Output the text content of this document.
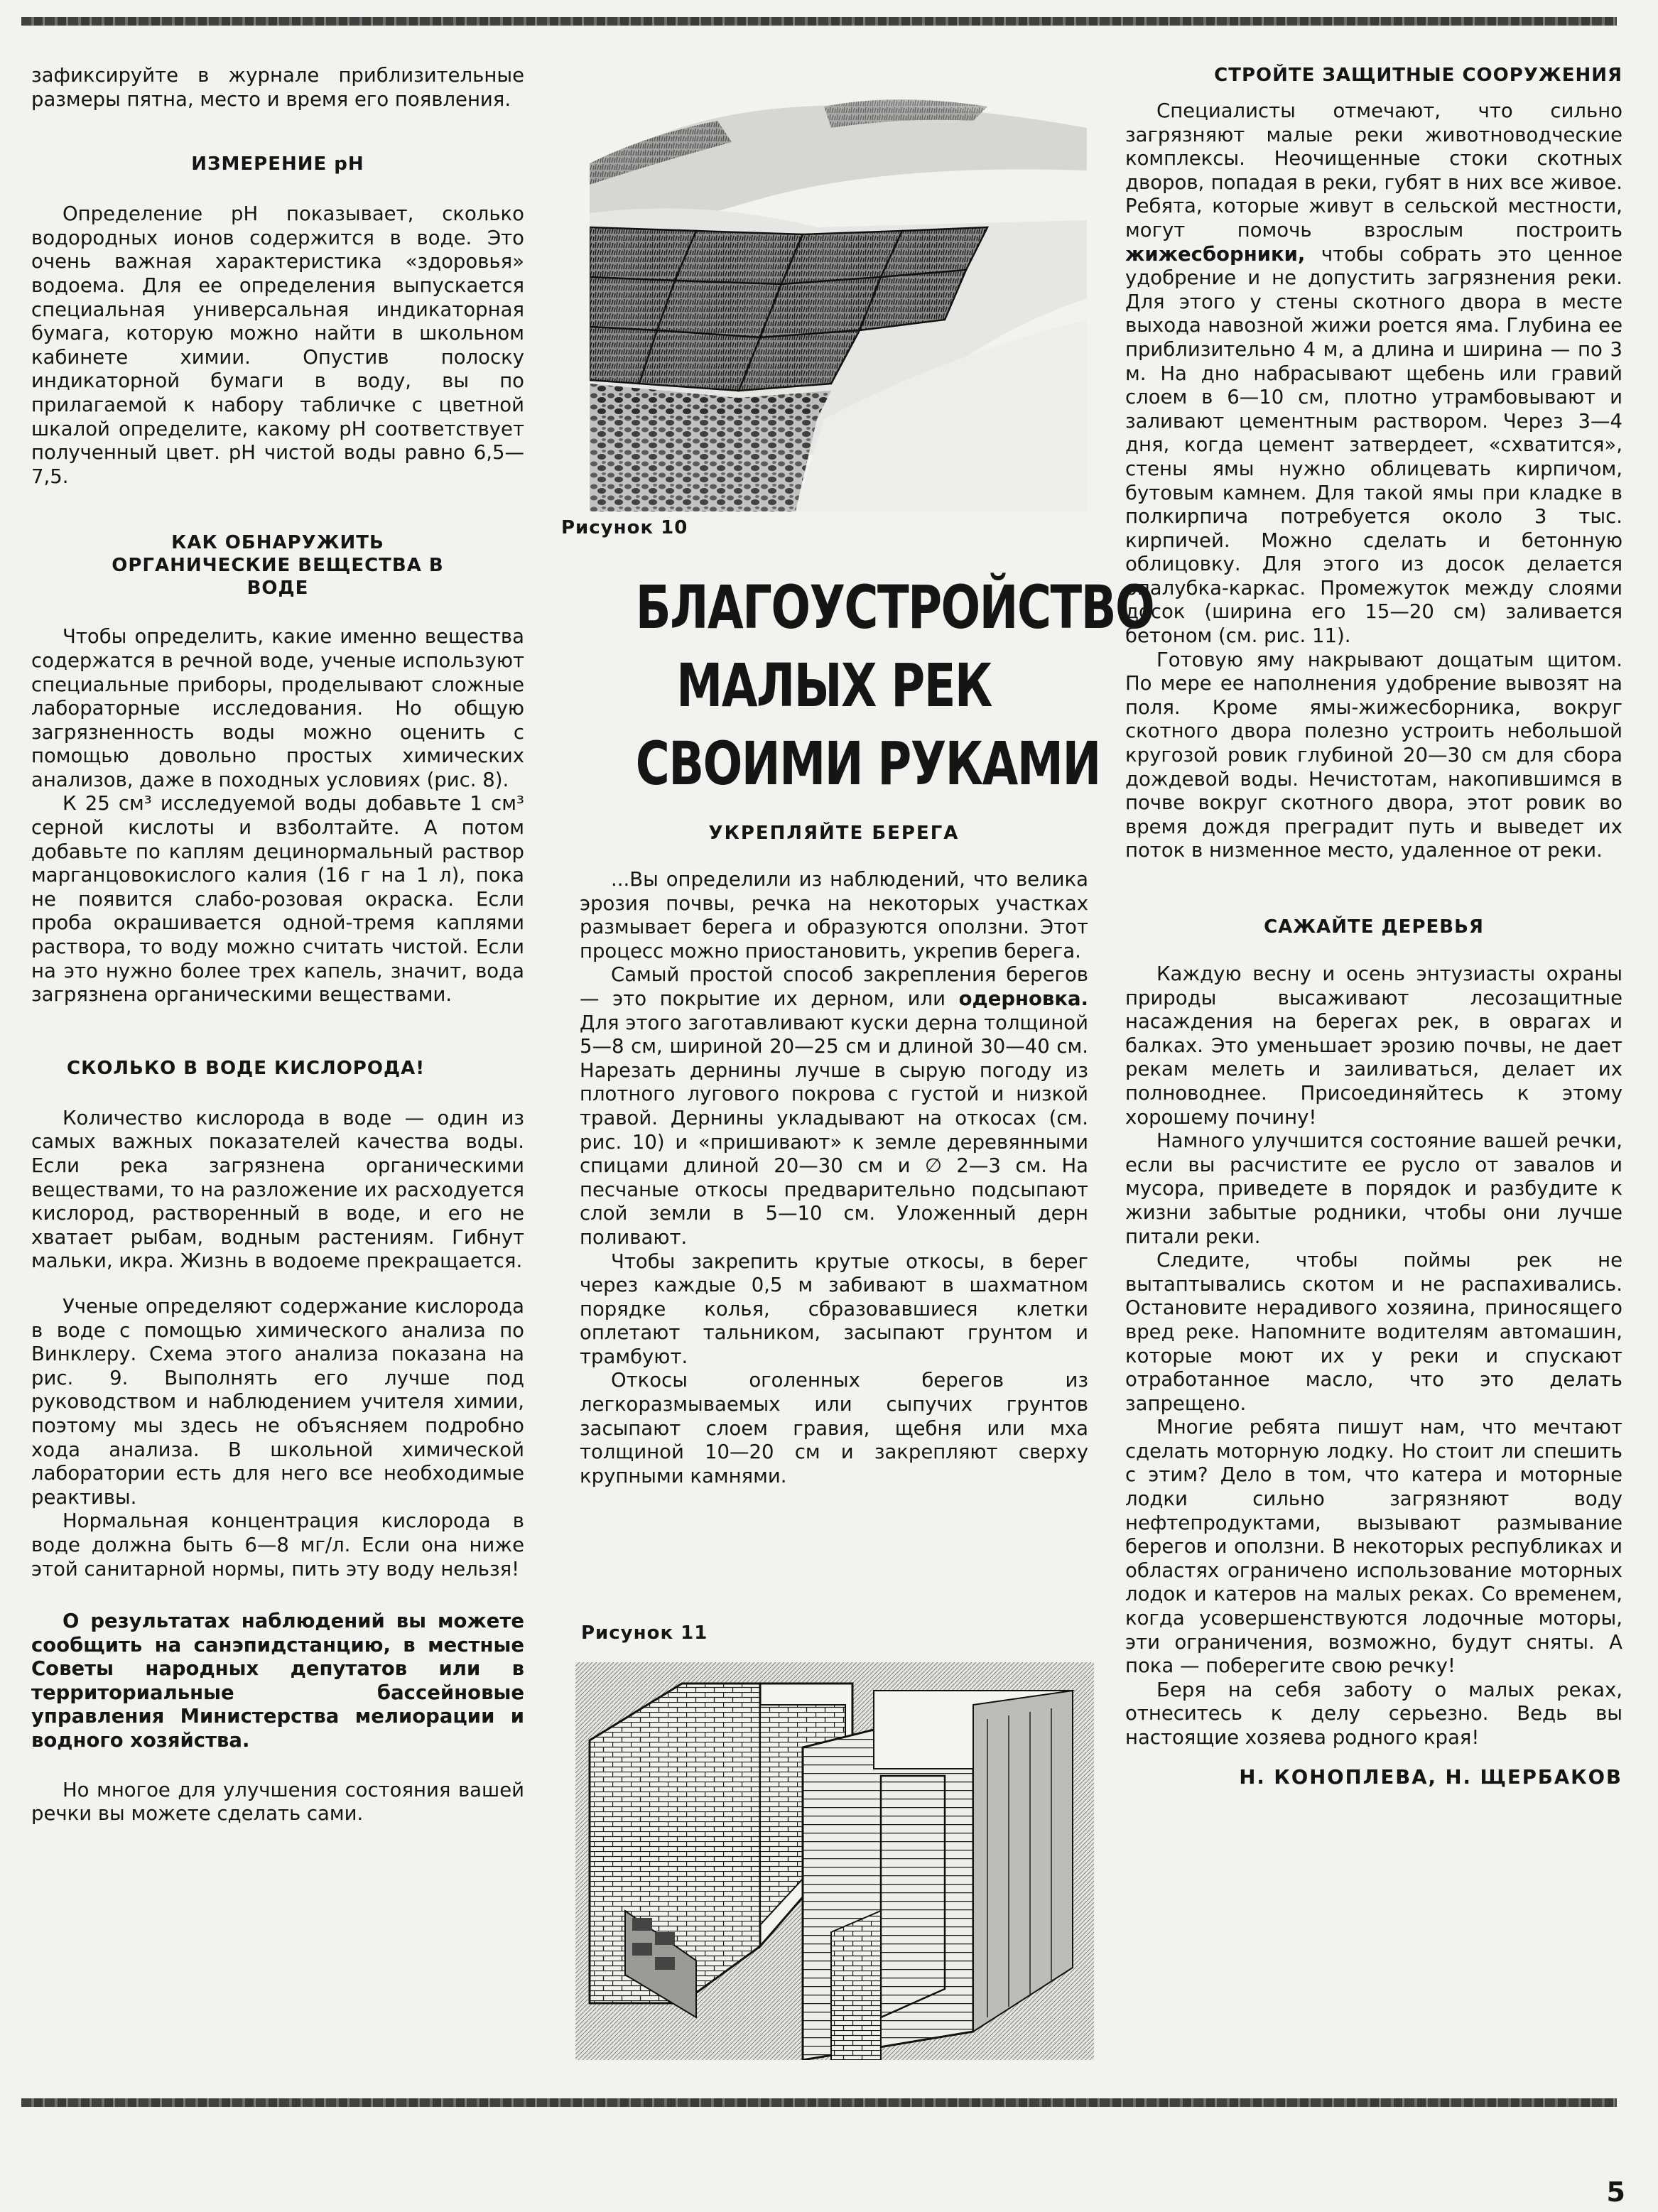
зафиксируйте в журнале приблизительные размеры пятна, место и время его появления.

ИЗМЕРЕНИЕ pH

Определение pH показывает, сколько водородных ионов содержится в воде. Это очень важная характеристика «здоровья» водоема. Для ее определения выпускается специальная универсальная индикаторная бумага, которую можно найти в школьном кабинете химии. Опустив полоску индикаторной бумаги в воду, вы по прилагаемой к набору табличке с цветной шкалой определите, какому pH соответствует полученный цвет. pH чистой воды равно 6,5—7,5.

КАК ОБНАРУЖИТЬ ОРГАНИЧЕСКИЕ ВЕЩЕСТВА В ВОДЕ

Чтобы определить, какие именно вещества содержатся в речной воде, ученые используют специальные приборы, проделывают сложные лабораторные исследования. Но общую загрязненность воды можно оценить с помощью довольно простых химических анализов, даже в походных условиях (рис. 8).

К 25 см³ исследуемой воды добавьте 1 см³ серной кислоты и взболтайте. А потом добавьте по каплям децинормальный раствор марганцовокислого калия (16 г на 1 л), пока не появится слабо-розовая окраска. Если проба окрашивается одной-тремя каплями раствора, то воду можно считать чистой. Если на это нужно более трех капель, значит, вода загрязнена органическими веществами.

СКОЛЬКО В ВОДЕ КИСЛОРОДА!

Количество кислорода в воде — один из самых важных показателей качества воды. Если река загрязнена органическими веществами, то на разложение их расходуется кислород, растворенный в воде, и его не хватает рыбам, водным растениям. Гибнут мальки, икра. Жизнь в водоеме прекращается.

Ученые определяют содержание кислорода в воде с помощью химического анализа по Винклеру. Схема этого анализа показана на рис. 9. Выполнять его лучше под руководством и наблюдением учителя химии, поэтому мы здесь не объясняем подробно хода анализа. В школьной химической лаборатории есть для него все необходимые реактивы.

Нормальная концентрация кислорода в воде должна быть 6—8 мг/л. Если она ниже этой санитарной нормы, пить эту воду нельзя!

О результатах наблюдений вы можете сообщить на санэпидстанцию, в местные Советы народных депутатов или в территориальные бассейновые управления Министерства мелиорации и водного хозяйства.

Но многое для улучшения состояния вашей речки вы можете сделать сами.

Рисунок 10
БЛАГОУСТРОЙСТВО
МАЛЫХ РЕК
СВОИМИ РУКАМИ
УКРЕПЛЯЙТЕ БЕРЕГА

...Вы определили из наблюдений, что велика эрозия почвы, речка на некоторых участках размывает берега и образуются оползни. Этот процесс можно приостановить, укрепив берега.

Самый простой способ закрепления берегов — это покрытие их дерном, или одерновка. Для этого заготавливают куски дерна толщиной 5—8 см, шириной 20—25 см и длиной 30—40 см. Нарезать дернины лучше в сырую погоду из плотного лугового покрова с густой и низкой травой. Дернины укладывают на откосах (см. рис. 10) и «пришивают» к земле деревянными спицами длиной 20—30 см и ∅ 2—3 см. На песчаные откосы предварительно подсыпают слой земли в 5—10 см. Уложенный дерн поливают.

Чтобы закрепить крутые откосы, в берег через каждые 0,5 м забивают в шахматном порядке колья, сбразовавшиеся клетки оплетают тальником, засыпают грунтом и трамбуют.

Откосы оголенных берегов из легкоразмываемых или сыпучих грунтов засыпают слоем гравия, щебня или мха толщиной 10—20 см и закрепляют сверху крупными камнями.

Рисунок 11
СТРОЙТЕ ЗАЩИТНЫЕ СООРУЖЕНИЯ

Специалисты отмечают, что сильно загрязняют малые реки животноводческие комплексы. Неочищенные стоки скотных дворов, попадая в реки, губят в них все живое. Ребята, которые живут в сельской местности, могут помочь взрослым построить жижесборники, чтобы собрать это ценное удобрение и не допустить загрязнения реки. Для этого у стены скотного двора в месте выхода навозной жижи роется яма. Глубина ее приблизительно 4 м, а длина и ширина — по 3 м. На дно набрасывают щебень или гравий слоем в 6—10 см, плотно утрамбовывают и заливают цементным раствором. Через 3—4 дня, когда цемент затвердеет, «схватится», стены ямы нужно облицевать кирпичом, бутовым камнем. Для такой ямы при кладке в полкирпича потребуется около 3 тыс. кирпичей. Можно сделать и бетонную облицовку. Для этого из досок делается опалубка-каркас. Промежуток между слоями досок (ширина его 15—20 см) заливается бетоном (см. рис. 11).

Готовую яму накрывают дощатым щитом. По мере ее наполнения удобрение вывозят на поля. Кроме ямы-жижесборника, вокруг скотного двора полезно устроить небольшой кругозой ровик глубиной 20—30 см для сбора дождевой воды. Нечистотам, накопившимся в почве вокруг скотного двора, этот ровик во время дождя преградит путь и выведет их поток в низменное место, удаленное от реки.

САЖАЙТЕ ДЕРЕВЬЯ

Каждую весну и осень энтузиасты охраны природы высаживают лесозащитные насаждения на берегах рек, в оврагах и балках. Это уменьшает эрозию почвы, не дает рекам мелеть и заиливаться, делает их полноводнее. Присоединяйтесь к этому хорошему почину!

Намного улучшится состояние вашей речки, если вы расчистите ее русло от завалов и мусора, приведете в порядок и разбудите к жизни забытые родники, чтобы они лучше питали реки.

Следите, чтобы поймы рек не вытаптывались скотом и не распахивались. Остановите нерадивого хозяина, приносящего вред реке. Напомните водителям автомашин, которые моют их у реки и спускают отработанное масло, что это делать запрещено.

Многие ребята пишут нам, что мечтают сделать моторную лодку. Но стоит ли спешить с этим? Дело в том, что катера и моторные лодки сильно загрязняют воду нефтепродуктами, вызывают размывание берегов и оползни. В некоторых республиках и областях ограничено использование моторных лодок и катеров на малых реках. Со временем, когда усовершенствуются лодочные моторы, эти ограничения, возможно, будут сняты. А пока — поберегите свою речку!

Беря на себя заботу о малых реках, отнеситесь к делу серьезно. Ведь вы настоящие хозяева родного края!

Н. КОНОПЛЕВА, Н. ЩЕРБАКОВ
5
